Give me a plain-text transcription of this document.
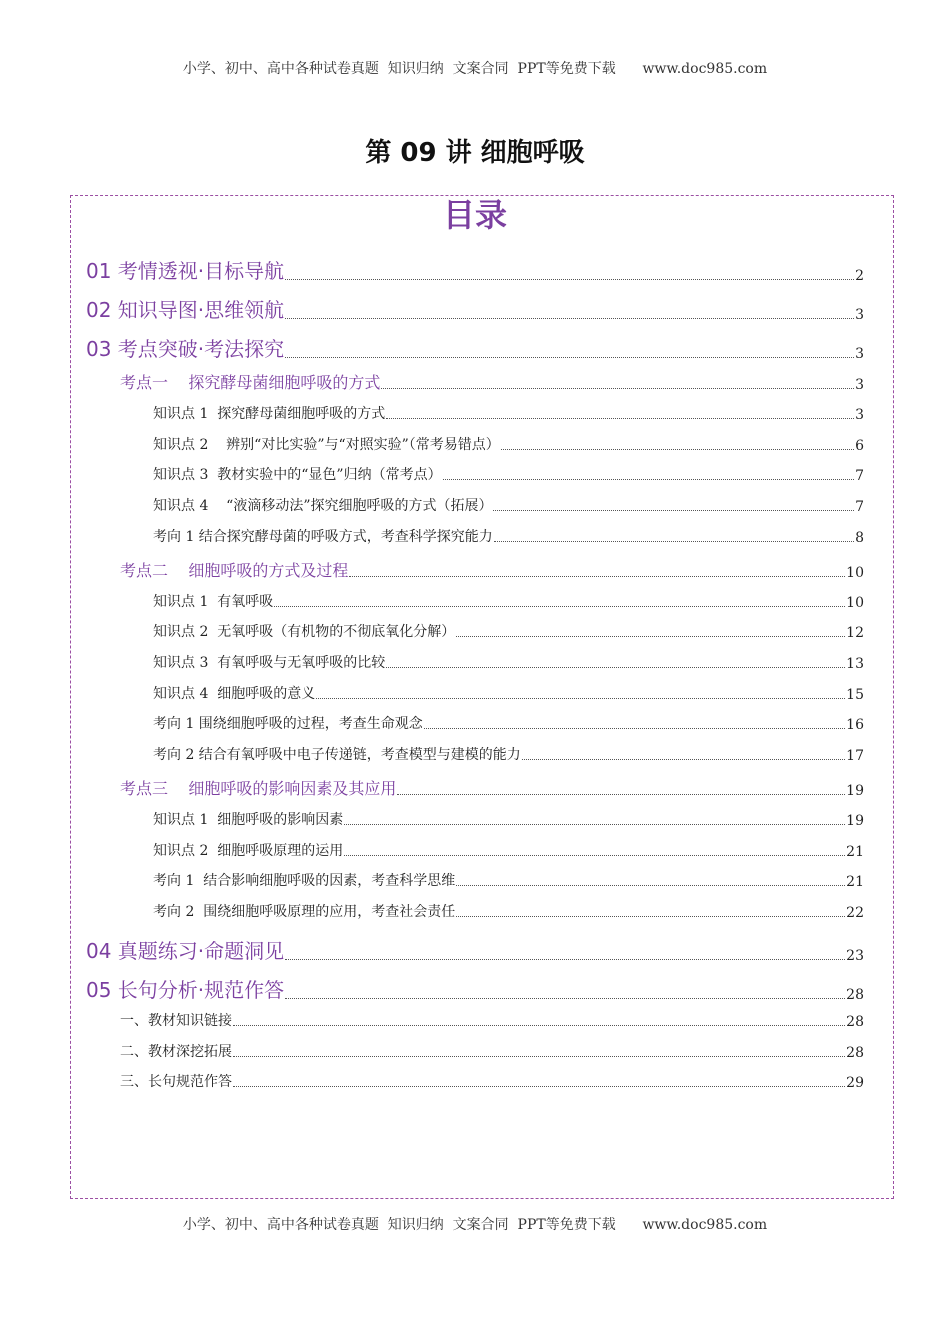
小学、初中、高中各种试卷真题  知识归纳  文案合同  PPT等免费下载      www.doc985.com
第 09 讲 细胞呼吸
目录
01 考情透视·目标导航	2
02 知识导图·思维领航	3
03 考点突破·考法探究	3
考点一    探究酵母菌细胞呼吸的方式	3
知识点 1  探究酵母菌细胞呼吸的方式	3
知识点 2    辨别“对比实验”与“对照实验”（常考易错点）	6
知识点 3  教材实验中的“显色”归纳（常考点）	7
知识点 4    “液滴移动法”探究细胞呼吸的方式（拓展）	7
考向 1 结合探究酵母菌的呼吸方式，考查科学探究能力	8
考点二    细胞呼吸的方式及过程	10
知识点 1  有氧呼吸	10
知识点 2  无氧呼吸（有机物的不彻底氧化分解）	12
知识点 3  有氧呼吸与无氧呼吸的比较	13
知识点 4  细胞呼吸的意义	15
考向 1 围绕细胞呼吸的过程，考查生命观念	16
考向 2 结合有氧呼吸中电子传递链，考查模型与建模的能力	17
考点三    细胞呼吸的影响因素及其应用	19
知识点 1  细胞呼吸的影响因素	19
知识点 2  细胞呼吸原理的运用	21
考向 1  结合影响细胞呼吸的因素，考查科学思维	21
考向 2  围绕细胞呼吸原理的应用，考查社会责任	22
04 真题练习·命题洞见	23
05 长句分析·规范作答	28
一、教材知识链接	28
二、教材深挖拓展	28
三、长句规范作答	29
小学、初中、高中各种试卷真题  知识归纳  文案合同  PPT等免费下载      www.doc985.com
